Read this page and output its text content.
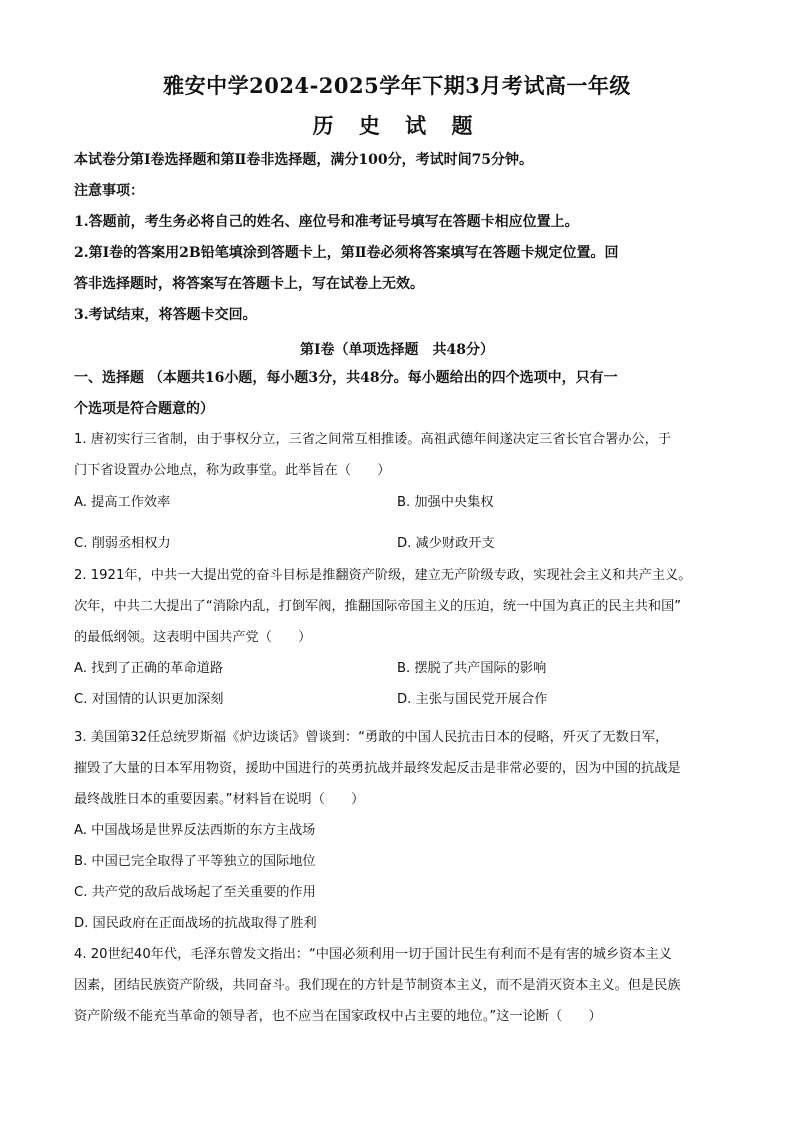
雅安中学2024-2025学年下期3月考试高一年级
历 史 试 题

本试卷分第Ⅰ卷选择题和第Ⅱ卷非选择题，满分100分，考试时间75分钟。

注意事项：

1.答题前，考生务必将自己的姓名、座位号和准考证号填写在答题卡相应位置上。

2.第Ⅰ卷的答案用2B铅笔填涂到答题卡上，第Ⅱ卷必须将答案填写在答题卡规定位置。回

答非选择题时，将答案写在答题卡上，写在试卷上无效。

3.考试结束，将答题卡交回。

第Ⅰ卷（单项选择题　共48分）

一、选择题 （本题共16小题，每小题3分，共48分。每小题给出的四个选项中，只有一

个选项是符合题意的）

1. 唐初实行三省制，由于事权分立，三省之间常互相推诿。高祖武德年间遂决定三省长官合署办公，于

门下省设置办公地点，称为政事堂。此举旨在（　　）

A. 提高工作效率	B. 加强中央集权

C. 削弱丞相权力	D. 减少财政开支

2. 1921年，中共一大提出党的奋斗目标是推翻资产阶级，建立无产阶级专政，实现社会主义和共产主义。

次年，中共二大提出了“消除内乱，打倒军阀，推翻国际帝国主义的压迫，统一中国为真正的民主共和国”

的最低纲领。这表明中国共产党（　　）

A. 找到了正确的革命道路	B. 摆脱了共产国际的影响

C. 对国情的认识更加深刻	D. 主张与国民党开展合作

3. 美国第32任总统罗斯福《炉边谈话》曾谈到：“勇敢的中国人民抗击日本的侵略，歼灭了无数日军，

摧毁了大量的日本军用物资，援助中国进行的英勇抗战并最终发起反击是非常必要的，因为中国的抗战是

最终战胜日本的重要因素。”材料旨在说明（　　）

A. 中国战场是世界反法西斯的东方主战场

B. 中国已完全取得了平等独立的国际地位

C. 共产党的敌后战场起了至关重要的作用

D. 国民政府在正面战场的抗战取得了胜利

4. 20世纪40年代，毛泽东曾发文指出：“中国必须利用一切于国计民生有利而不是有害的城乡资本主义

因素，团结民族资产阶级，共同奋斗。我们现在的方针是节制资本主义，而不是消灭资本主义。但是民族

资产阶级不能充当革命的领导者，也不应当在国家政权中占主要的地位。”这一论断（　　）
